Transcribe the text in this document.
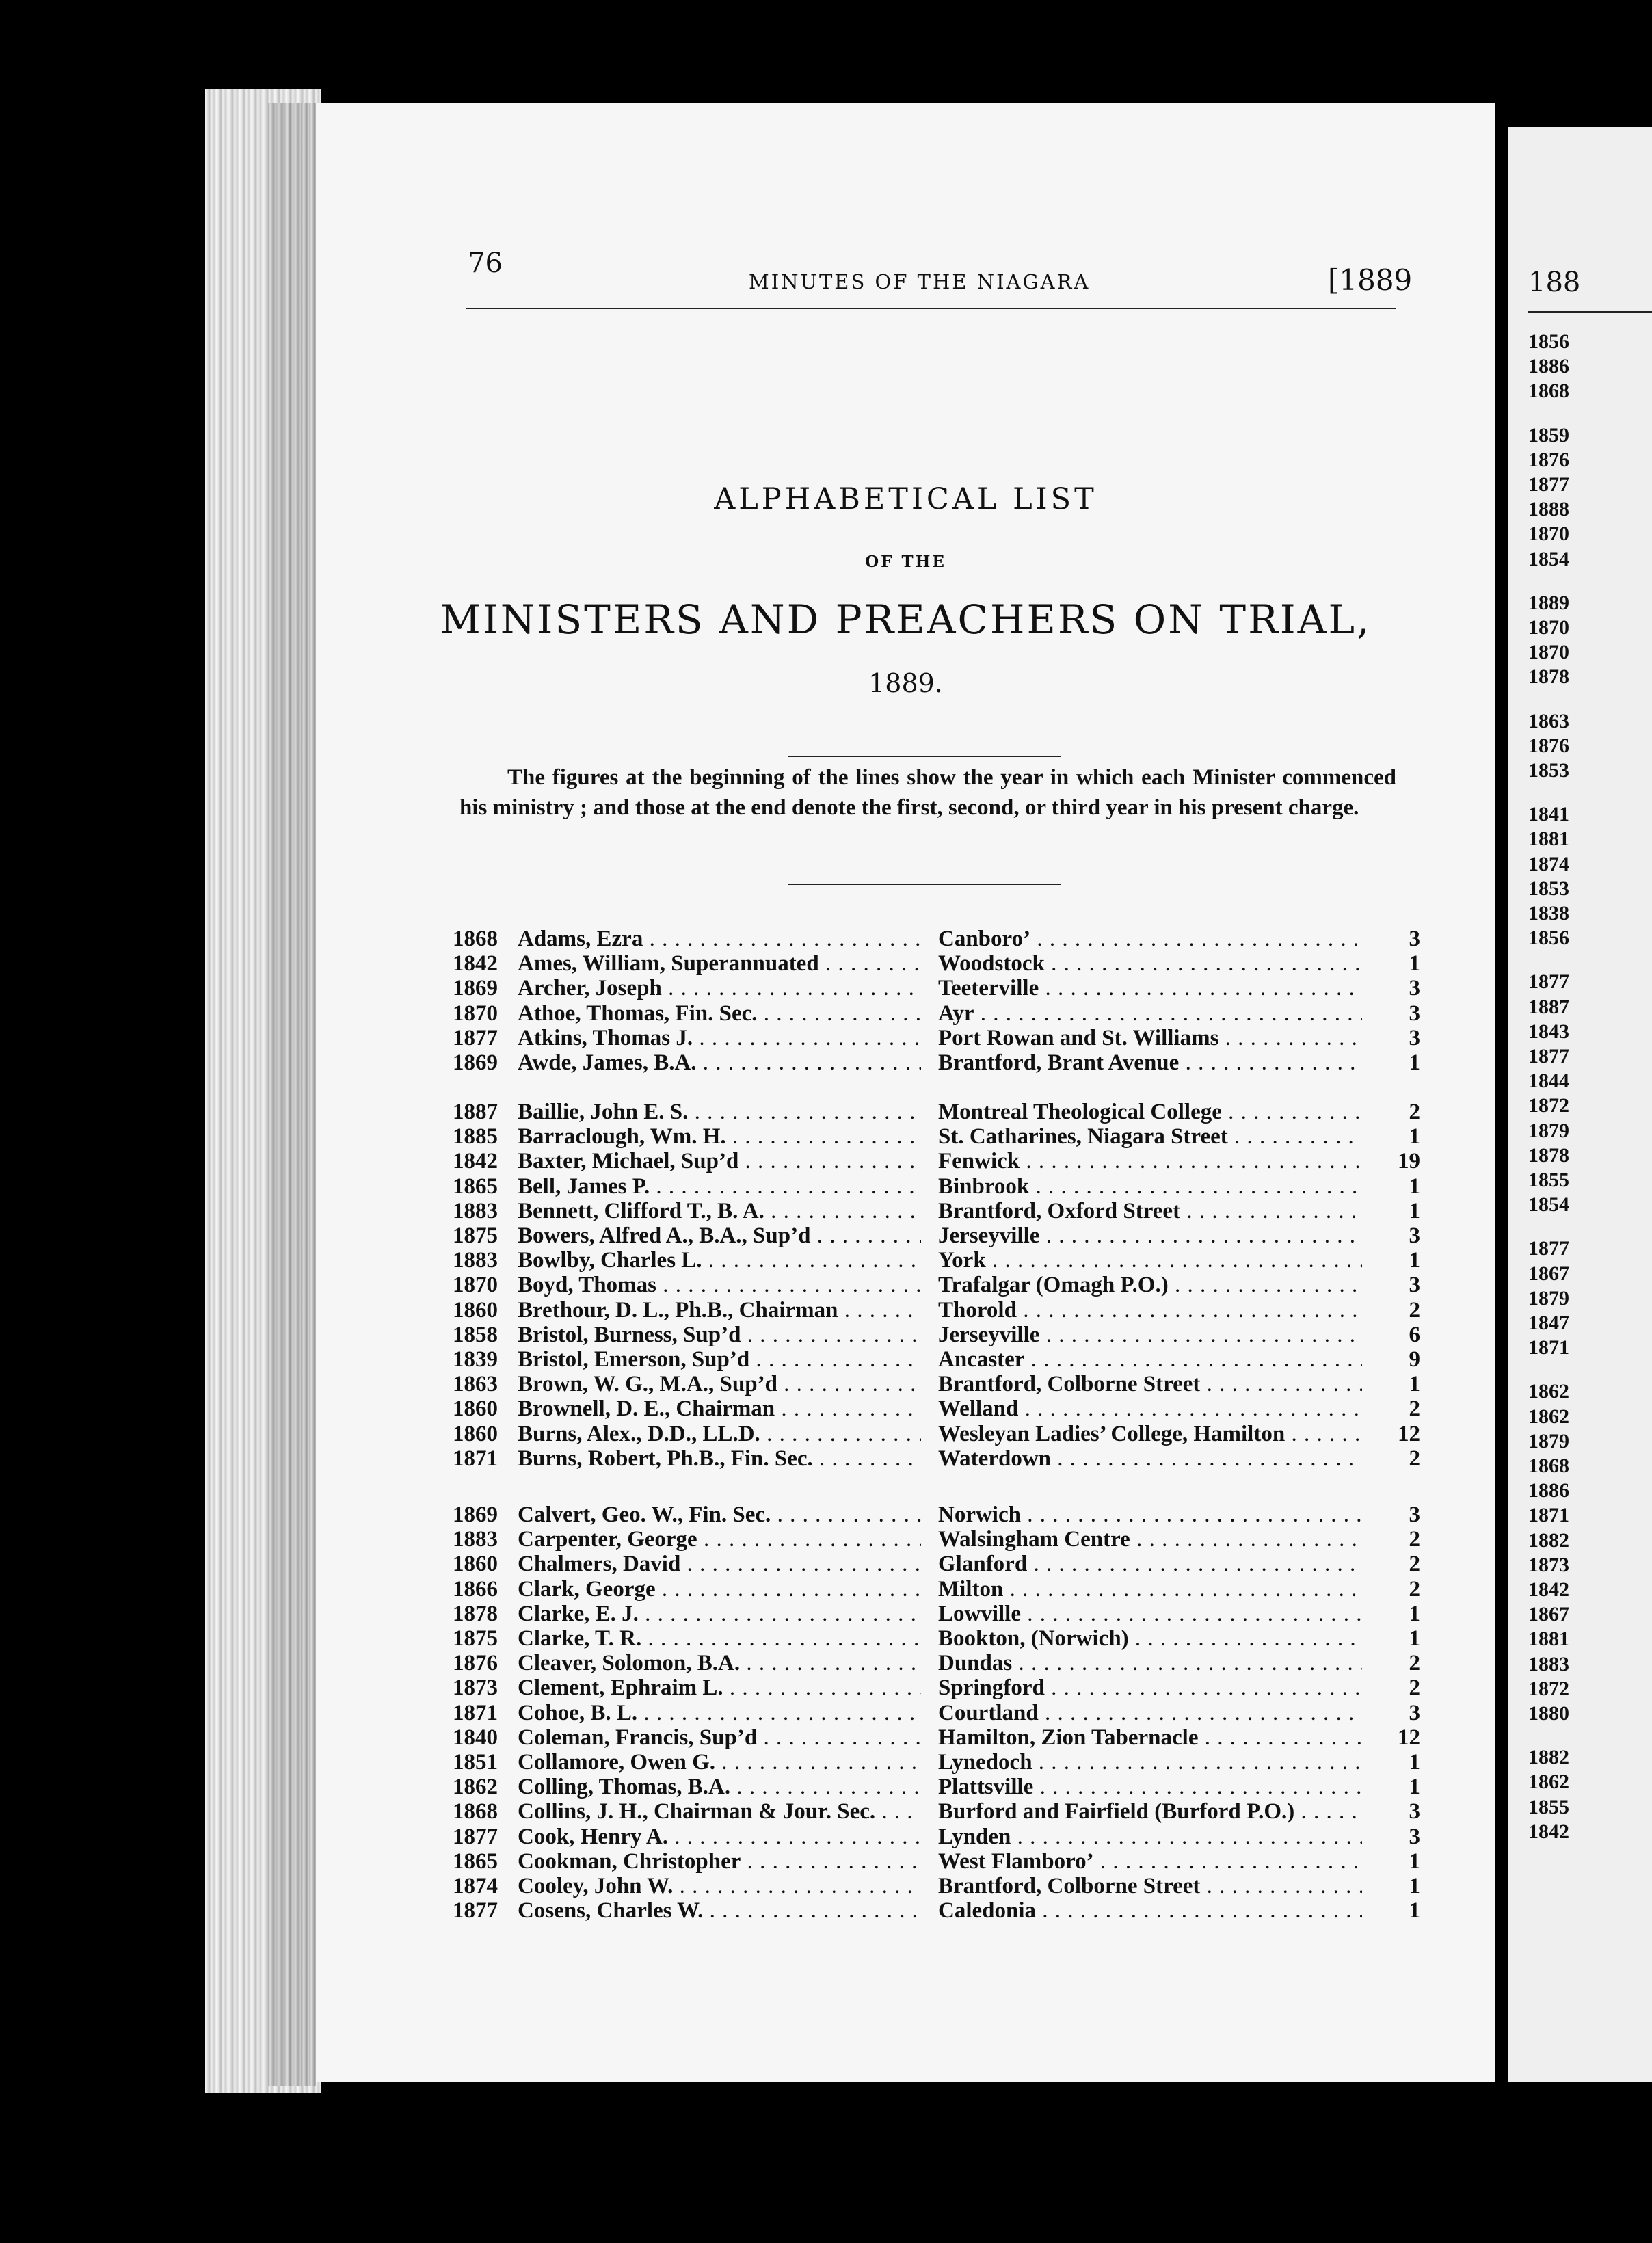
76
MINUTES OF THE NIAGARA	[1889
ALPHABETICAL LIST
OF THE
MINISTERS AND PREACHERS ON TRIAL,
1889.
The figures at the beginning of the lines show the year in which each Minister commenced his ministry ; and those at the end denote the first, second, or third year in his present charge.
1868 Adams, Ezra . . .	Canboro’ . . .	3
1842 Ames, William, Superannuated . . .	Woodstock . . .	1
1869 Archer, Joseph . . .	Teeterville . . .	3
1870 Athoe, Thomas, Fin. Sec. . . .	Ayr . . .	3
1877 Atkins, Thomas J. . . .	Port Rowan and St. Williams . . .	3
1869 Awde, James, B.A. . . .	Brantford, Brant Avenue . . .	1
1887 Baillie, John E. S. . . .	Montreal Theological College . . .	2
1885 Barraclough, Wm. H. . . .	St. Catharines, Niagara Street . . .	1
1842 Baxter, Michael, Sup’d . . .	Fenwick . . .	19
1865 Bell, James P. . . .	Binbrook . . .	1
1883 Bennett, Clifford T., B. A. . . .	Brantford, Oxford Street . . .	1
1875 Bowers, Alfred A., B.A., Sup’d . . .	Jerseyville . . .	3
1883 Bowlby, Charles L. . . .	York . . .	1
1870 Boyd, Thomas . . .	Trafalgar (Omagh P.O.) . . .	3
1860 Brethour, D. L., Ph.B., Chairman . . .	Thorold . . .	2
1858 Bristol, Burness, Sup’d . . .	Jerseyville . . .	6
1839 Bristol, Emerson, Sup’d . . .	Ancaster . . .	9
1863 Brown, W. G., M.A., Sup’d . . .	Brantford, Colborne Street . . .	1
1860 Brownell, D. E., Chairman . . .	Welland . . .	2
1860 Burns, Alex., D.D., LL.D. . . .	Wesleyan Ladies’ College, Hamilton . . .	12
1871 Burns, Robert, Ph.B., Fin. Sec. . . .	Waterdown . . .	2
1869 Calvert, Geo. W., Fin. Sec. . . .	Norwich . . .	3
1883 Carpenter, George . . .	Walsingham Centre . . .	2
1860 Chalmers, David . . .	Glanford . . .	2
1866 Clark, George . . .	Milton . . .	2
1878 Clarke, E. J. . . .	Lowville . . .	1
1875 Clarke, T. R. . . .	Bookton, (Norwich) . . .	1
1876 Cleaver, Solomon, B.A. . . .	Dundas . . .	2
1873 Clement, Ephraim L. . . .	Springford . . .	2
1871 Cohoe, B. L. . . .	Courtland . . .	3
1840 Coleman, Francis, Sup’d . . .	Hamilton, Zion Tabernacle . . .	12
1851 Collamore, Owen G. . . .	Lynedoch . . .	1
1862 Colling, Thomas, B.A. . . .	Plattsville . . .	1
1868 Collins, J. H., Chairman & Jour. Sec. . . .	Burford and Fairfield (Burford P.O.) . . .	3
1877 Cook, Henry A. . . .	Lynden . . .	3
1865 Cookman, Christopher . . .	West Flamboro’ . . .	1
1874 Cooley, John W. . . .	Brantford, Colborne Street . . .	1
1877 Cosens, Charles W. . . .	Caledonia . . .	1
188
1856
1886
1868
1859
1876
1877
1888
1870
1854
1889
1870
1870
1878
1863
1876
1853
1841
1881
1874
1853
1838
1856
1877
1887
1843
1877
1844
1872
1879
1878
1855
1854
1877
1867
1879
1847
1871
1862
1862
1879
1868
1886
1871
1882
1873
1842
1867
1881
1883
1872
1880
1882
1862
1855
1842
